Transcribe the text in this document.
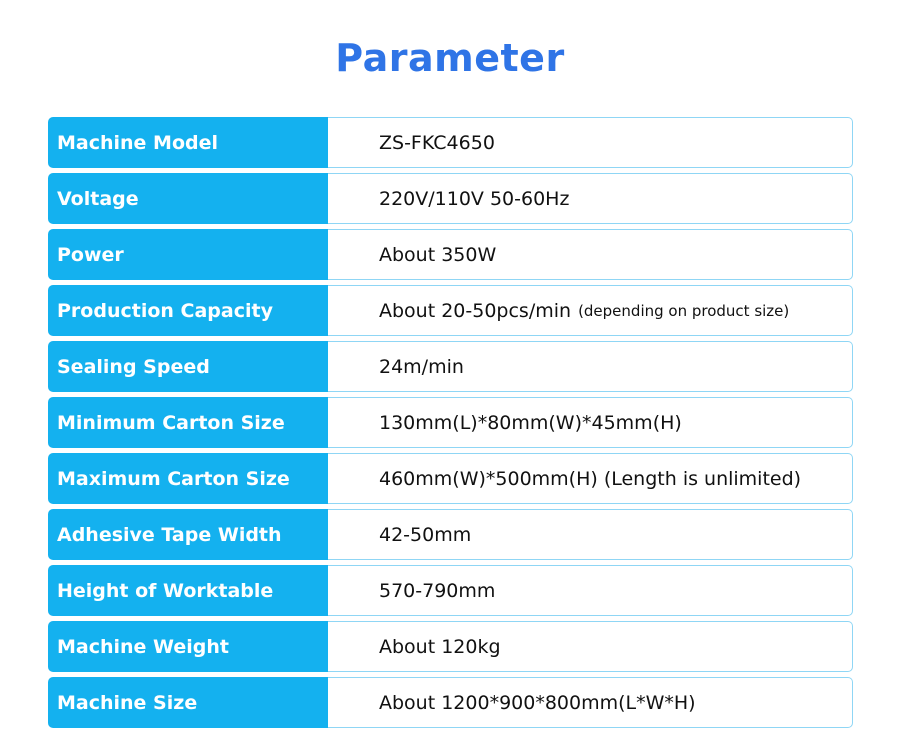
Parameter
Machine Model	ZS-FKC4650
Voltage	220V/110V 50-60Hz
Power	About 350W
Production Capacity	About 20-50pcs/min (depending on product size)
Sealing Speed	24m/min
Minimum Carton Size	130mm(L)*80mm(W)*45mm(H)
Maximum Carton Size	460mm(W)*500mm(H) (Length is unlimited)
Adhesive Tape Width	42-50mm
Height of Worktable	570-790mm
Machine Weight	About 120kg
Machine Size	About 1200*900*800mm(L*W*H)
